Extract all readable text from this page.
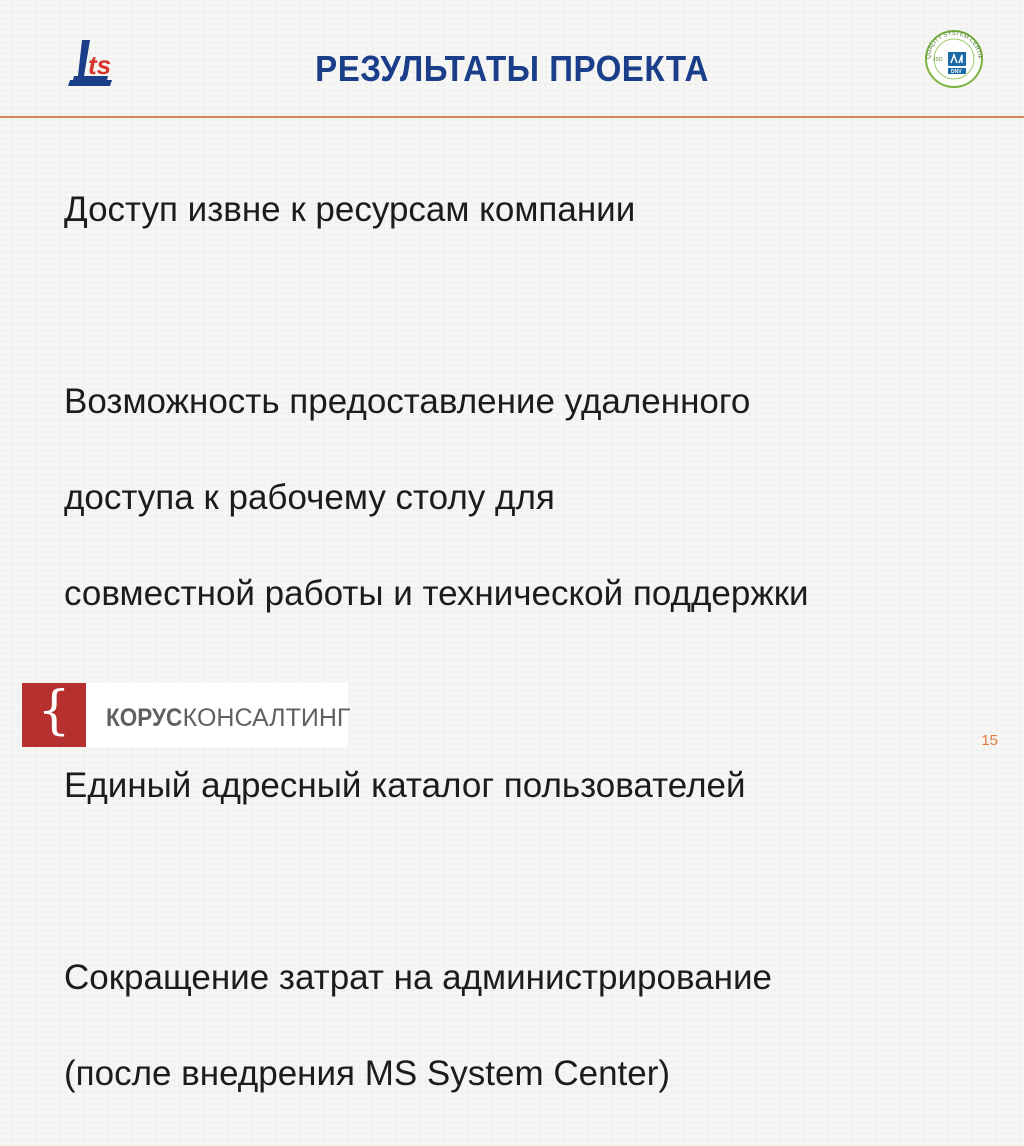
ts	РЕЗУЛЬТАТЫ ПРОЕКТА	QUALITY SYSTEM CERTIF
DNV
ISO

Доступ извне к ресурсам компании

Возможность предоставление удаленного

доступа к рабочему столу для

совместной работы и технической поддержки

Единый адресный каталог пользователей

Сокращение затрат на администрирование

(после внедрения MS System Center)

{	КОРУСКОНСАЛТИНГ
15
